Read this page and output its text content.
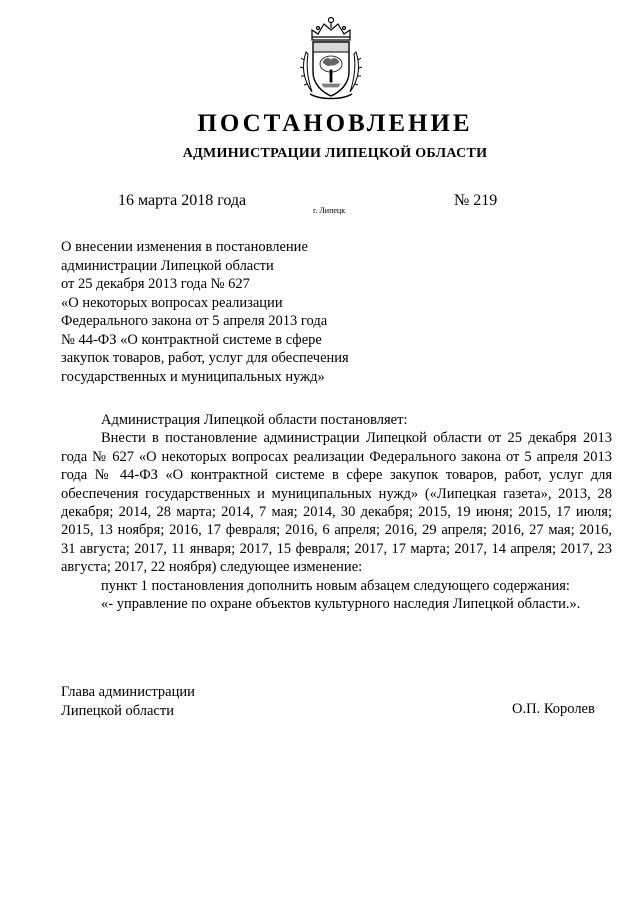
ПОСТАНОВЛЕНИЕ
АДМИНИСТРАЦИИ ЛИПЕЦКОЙ ОБЛАСТИ
16 марта 2018 года
г. Липецк
№ 219
О внесении изменения в постановление
администрации Липецкой области
от 25 декабря 2013 года № 627
«О некоторых вопросах реализации
Федерального закона от 5 апреля 2013 года
№ 44-ФЗ «О контрактной системе в сфере
закупок товаров, работ, услуг для обеспечения
государственных и муниципальных нужд»
Администрация Липецкой области постановляет:
Внести в постановление администрации Липецкой области от 25 декабря 2013 года № 627 «О некоторых вопросах реализации Федерального закона от 5 апреля 2013 года № 44-ФЗ «О контрактной системе в сфере закупок товаров, работ, услуг для обеспечения государственных и муниципальных нужд» («Липецкая газета», 2013, 28 декабря; 2014, 28 марта; 2014, 7 мая; 2014, 30 декабря; 2015, 19 июня; 2015, 17 июля; 2015, 13 ноября; 2016, 17 февраля; 2016, 6 апреля; 2016, 29 апреля; 2016, 27 мая; 2016, 31 августа; 2017, 11 января; 2017, 15 февраля; 2017, 17 марта; 2017, 14 апреля; 2017, 23 августа; 2017, 22 ноября) следующее изменение:
пункт 1 постановления дополнить новым абзацем следующего содержания:
«- управление по охране объектов культурного наследия Липецкой области.».
Глава администрации
Липецкой области	О.П. Королев
